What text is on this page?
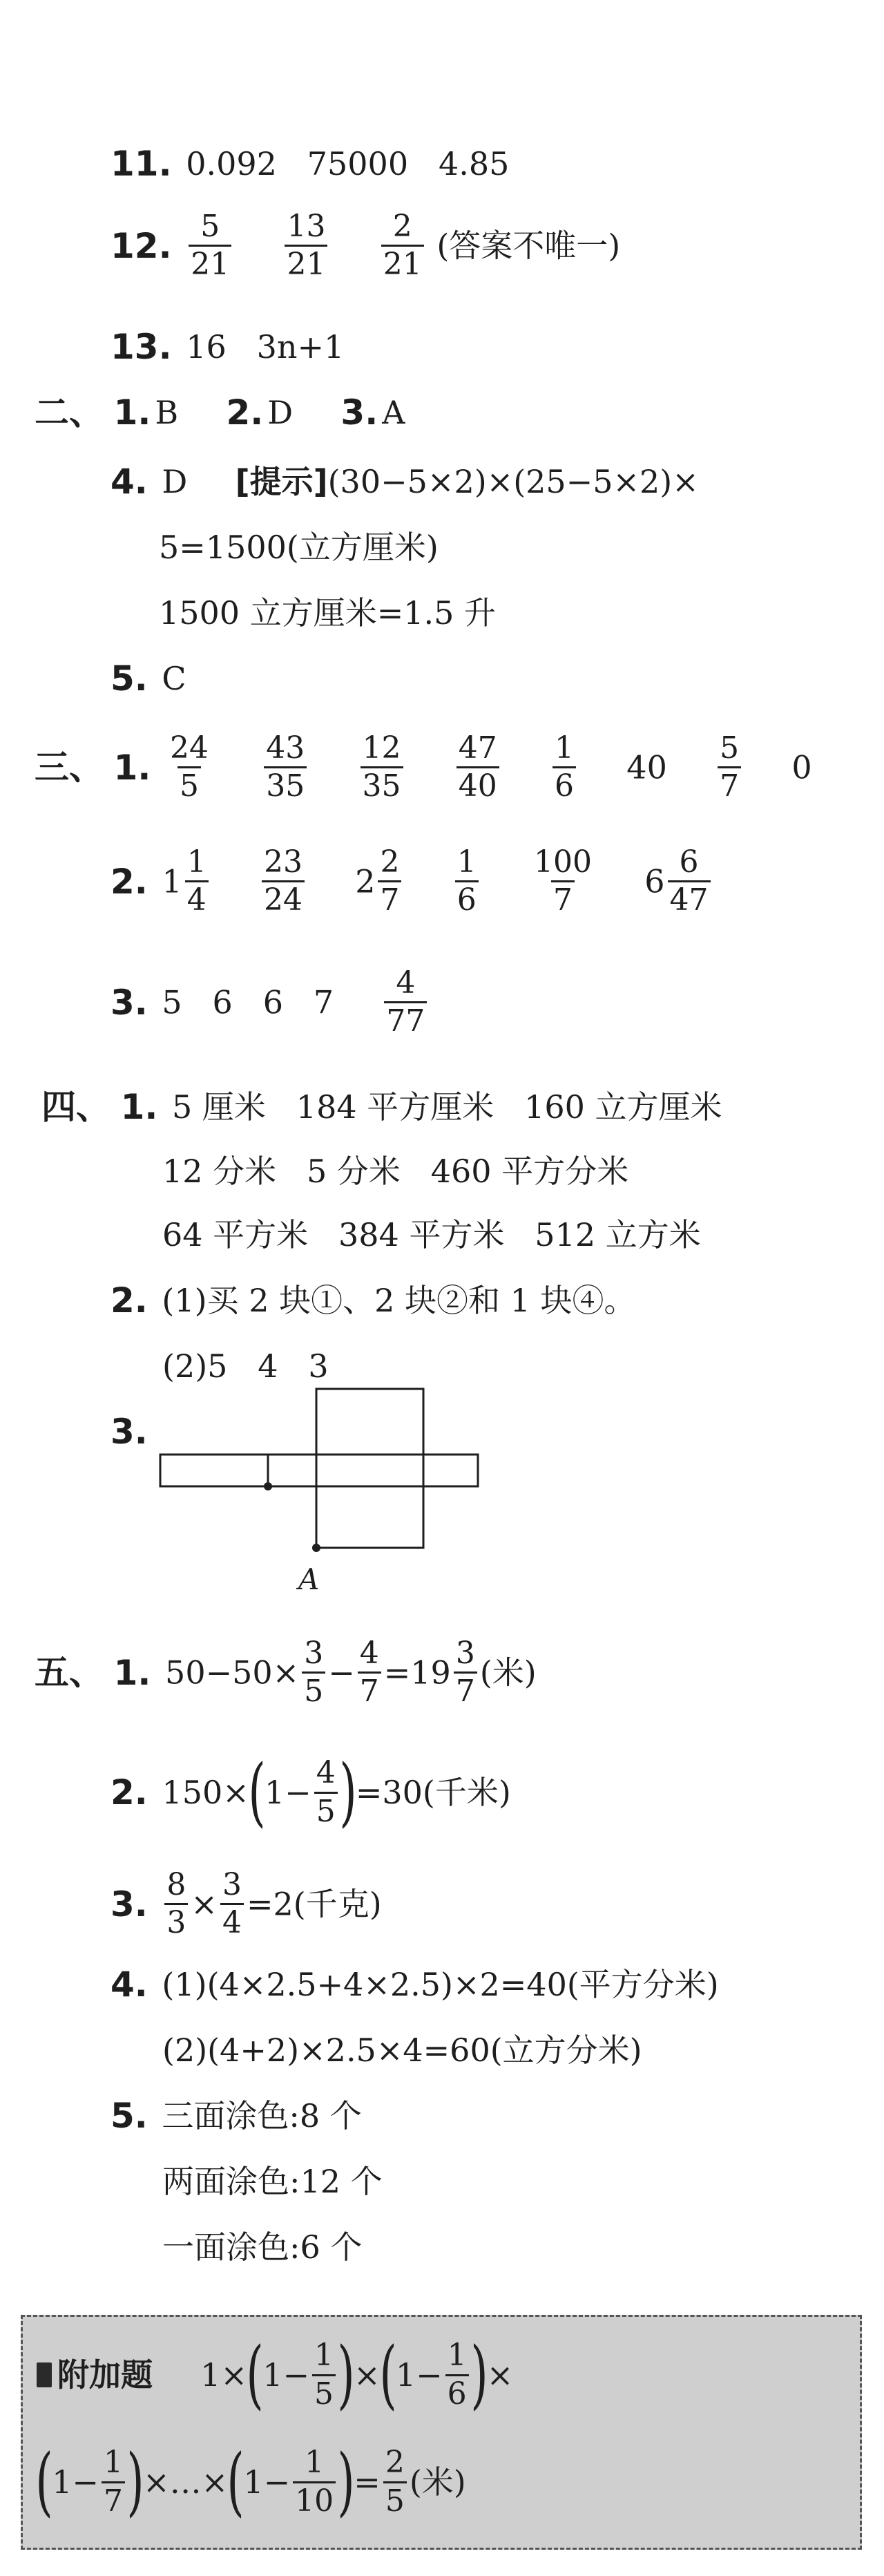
11. 0.092   75000   4.85
12. $\frac{5}{21}$
$\frac{13}{21}$
$\frac{2}{21}$ (答案不唯一)
13. 16   3n+1
二、 1. B 2. D 3. A
4. D [提示](30−5×2)×(25−5×2)×
5=1500(立方厘米)
1500 立方厘米=1.5 升
5. C
三、 1. $\frac{24}{5}$
$\frac{43}{35}$
$\frac{12}{35}$
$\frac{47}{40}$
$\frac{1}{6} 40 \frac{5}{7} 0$
2. $1 \frac{1}{4}$
$\frac{23}{24} 2 \frac{2}{7}$
$\frac{1}{6}$
$\frac{100}{7} 6 \frac{6}{47}$
3. 5   6   6   $7 \frac{4}{77}$
四、 1. 5 厘米   184 平方厘米   160 立方厘米
12 分米   5 分米   460 平方分米
64 平方米   384 平方米   512 立方米
2. (1)买 2 块①、2 块②和 1 块④。
(2)5   4   3
3.
A
五、 1. $50-50\times \frac{3}{5} - \frac{4}{7} =19 \frac{3}{7}$ (米)
2. $150\times(1- \frac{4}{5} )=30$(千米)
3. $\frac{8}{3} \times \frac{3}{4} =2$(千克)
4. (1)(4×2.5+4×2.5)×2=40(平方分米)
(2)(4+2)×2.5×4=60(立方分米)
5. 三面涂色:8 个
两面涂色:12 个
一面涂色:6 个
附加题 $1\times(1- \frac{1}{5} )\times(1- \frac{1}{6}$ )×
($1- \frac{1}{7}$ )×…×(1− $\frac{1}{10}$ )= $\frac{2}{5}$ (米)
